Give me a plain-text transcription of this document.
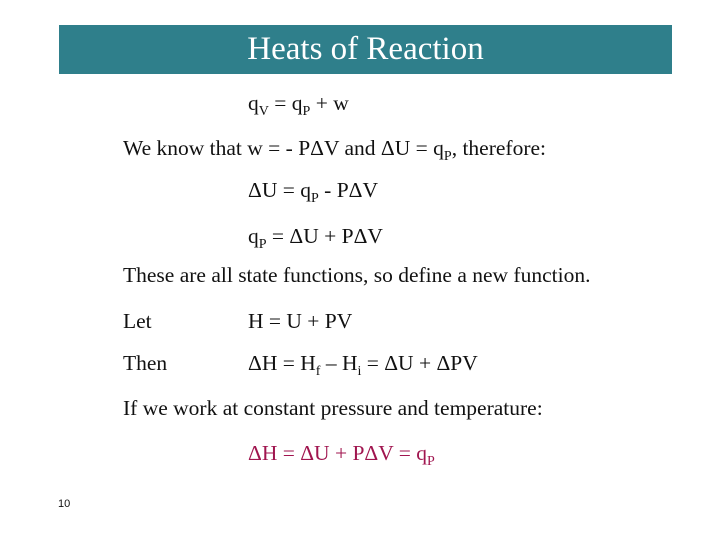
Heats of Reaction
$q_V = q_P + w$
We know that w = - PΔV and $\Delta U = q_P$, therefore:
$\Delta U = q_P - P\Delta V$
$q_P = \Delta U + P\Delta V$
These are all state functions, so define a new function.
Let	H = U + PV
Then	$\Delta H = H_f - H_i = \Delta U + \Delta PV$
If we work at constant pressure and temperature:
$\Delta H = \Delta U + P\Delta V = q_P$
10
